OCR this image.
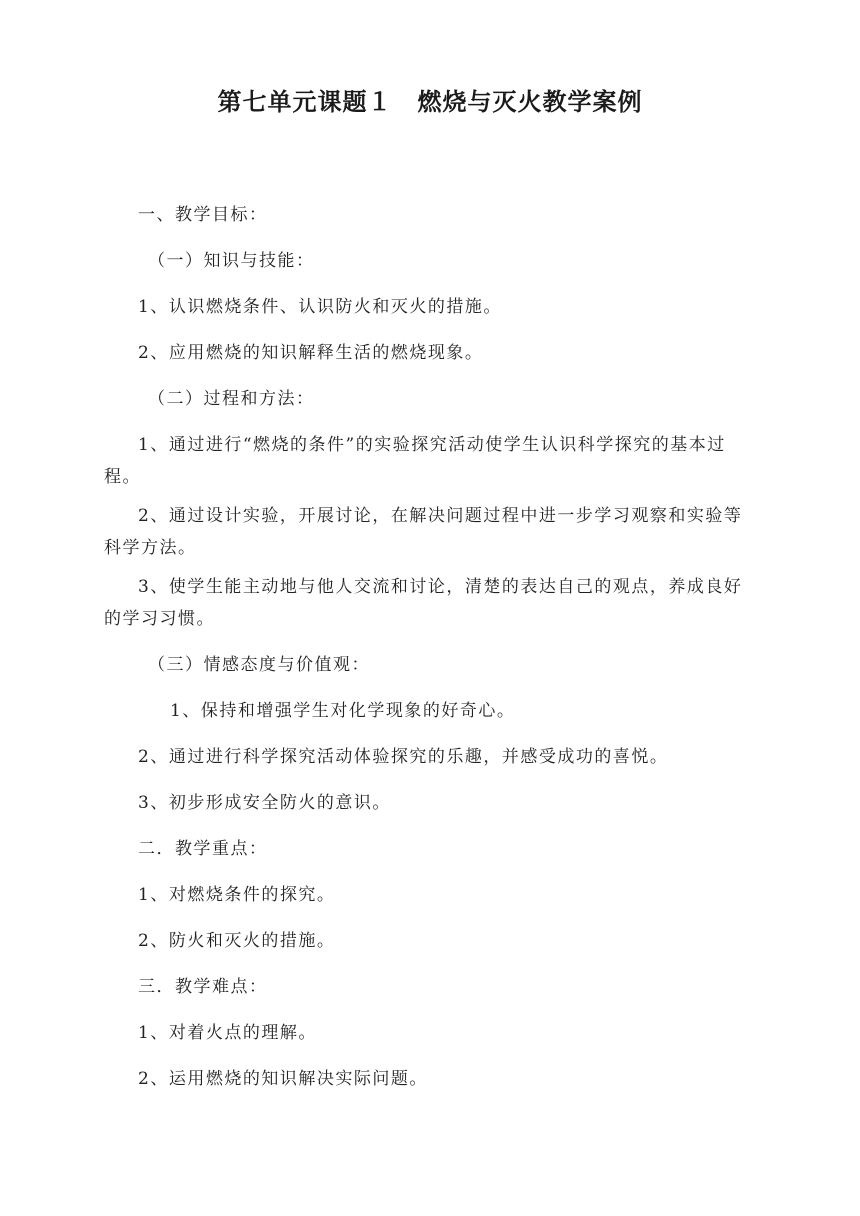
第七单元课题１　燃烧与灭火教学案例

一、教学目标：

（一）知识与技能：

1、认识燃烧条件、认识防火和灭火的措施。

2、应用燃烧的知识解释生活的燃烧现象。

（二）过程和方法：

1、通过进行“燃烧的条件”的实验探究活动使学生认识科学探究的基本过程。

2、通过设计实验，开展讨论，在解决问题过程中进一步学习观察和实验等科学方法。

3、使学生能主动地与他人交流和讨论，清楚的表达自己的观点，养成良好的学习习惯。

（三）情感态度与价值观：

1、保持和增强学生对化学现象的好奇心。

2、通过进行科学探究活动体验探究的乐趣，并感受成功的喜悦。

3、初步形成安全防火的意识。

二．教学重点：

1、对燃烧条件的探究。

2、防火和灭火的措施。

三．教学难点：

1、对着火点的理解。

2、运用燃烧的知识解决实际问题。
